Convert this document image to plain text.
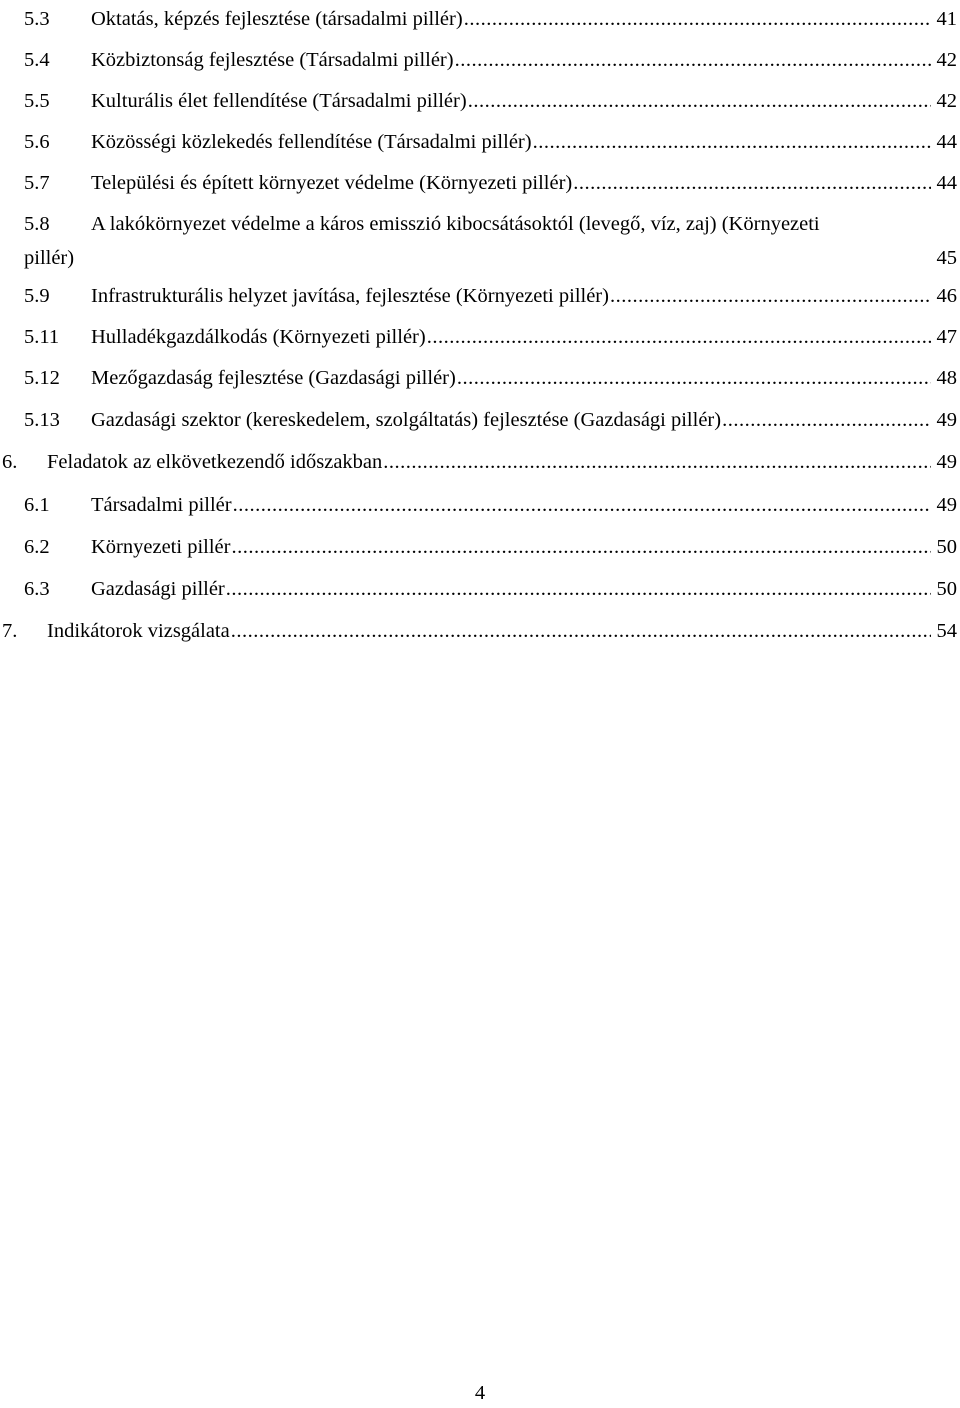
5.3	Oktatás, képzés fejlesztése (társadalmi pillér) .....	41
5.4	Közbiztonság fejlesztése (Társadalmi pillér) .....	42
5.5	Kulturális élet fellendítése (Társadalmi pillér) .....	42
5.6	Közösségi közlekedés fellendítése (Társadalmi pillér) .....	44
5.7	Települési és épített környezet védelme (Környezeti pillér) .....	44
5.8	A lakókörnyezet védelme a káros emisszió kibocsátásoktól (levegő, víz, zaj) (Környezeti
pillér)	45
5.9	Infrastrukturális helyzet javítása, fejlesztése (Környezeti pillér) .....	46
5.11	Hulladékgazdálkodás (Környezeti pillér) .....	47
5.12	Mezőgazdaság fejlesztése (Gazdasági pillér) .....	48
5.13	Gazdasági szektor (kereskedelem, szolgáltatás) fejlesztése (Gazdasági pillér) .....	49
6.	Feladatok az elkövetkezendő időszakban .....	49
6.1	Társadalmi pillér .....	49
6.2	Környezeti pillér .....	50
6.3	Gazdasági pillér .....	50
7.	Indikátorok vizsgálata .....	54
4
